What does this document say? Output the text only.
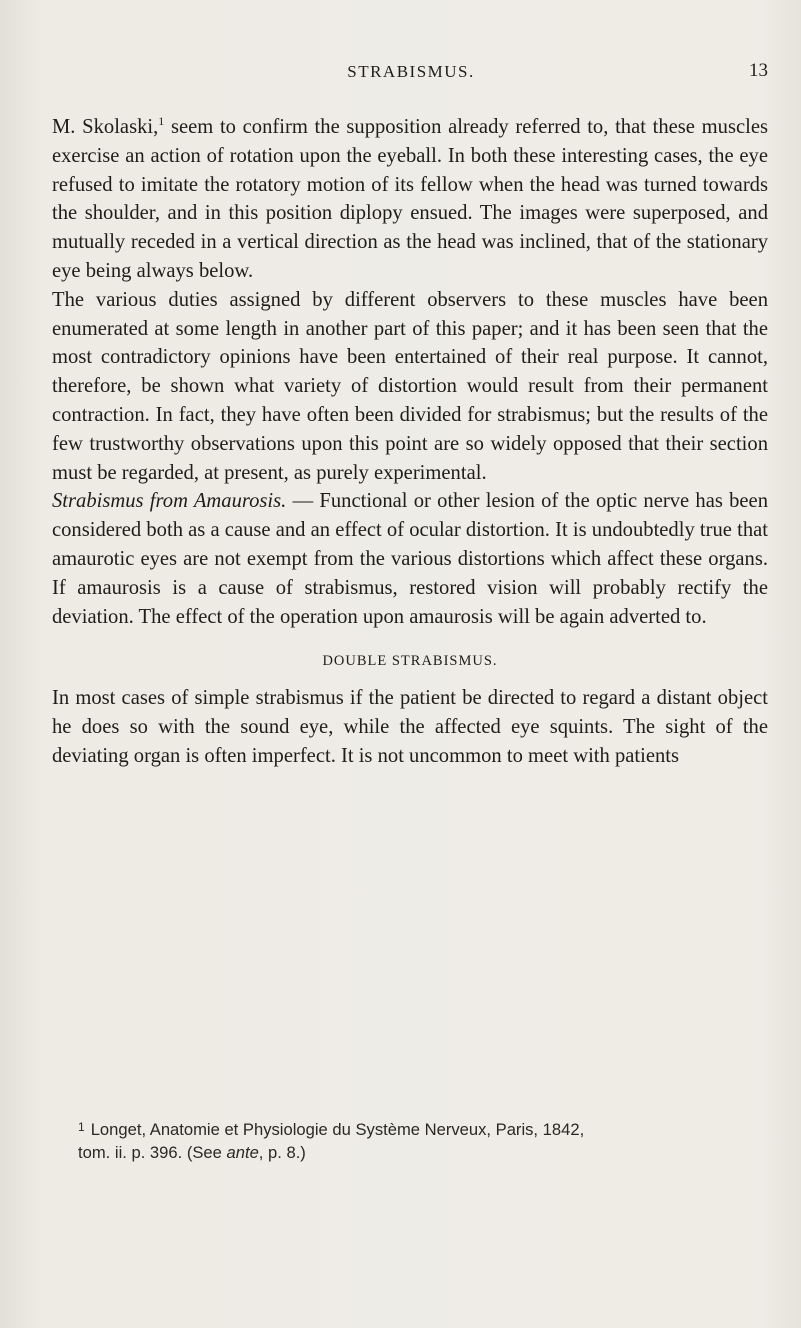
STRABISMUS.	13

M. Skolaski,$^1$ seem to confirm the supposition already referred to, that these muscles exercise an action of rotation upon the eyeball. In both these interesting cases, the eye refused to imitate the rotatory motion of its fellow when the head was turned towards the shoulder, and in this position diplopy ensued. The images were superposed, and mutually receded in a vertical direction as the head was inclined, that of the stationary eye being always below.

The various duties assigned by different observers to these muscles have been enumerated at some length in another part of this paper; and it has been seen that the most contradictory opinions have been entertained of their real purpose. It cannot, therefore, be shown what variety of distortion would result from their permanent contraction. In fact, they have often been divided for strabismus; but the results of the few trustworthy observations upon this point are so widely opposed that their section must be regarded, at present, as purely experimental.

Strabismus from Amaurosis. — Functional or other lesion of the optic nerve has been considered both as a cause and an effect of ocular distortion. It is undoubtedly true that amaurotic eyes are not exempt from the various distortions which affect these organs. If amaurosis is a cause of strabismus, restored vision will probably rectify the deviation. The effect of the operation upon amaurosis will be again adverted to.

DOUBLE STRABISMUS.

In most cases of simple strabismus if the patient be directed to regard a distant object he does so with the sound eye, while the affected eye squints. The sight of the deviating organ is often imperfect. It is not uncommon to meet with patients

$^1$ Longet, Anatomie et Physiologie du Système Nerveux, Paris, 1842,

tom. ii. p. 396. (See ante, p. 8.)
